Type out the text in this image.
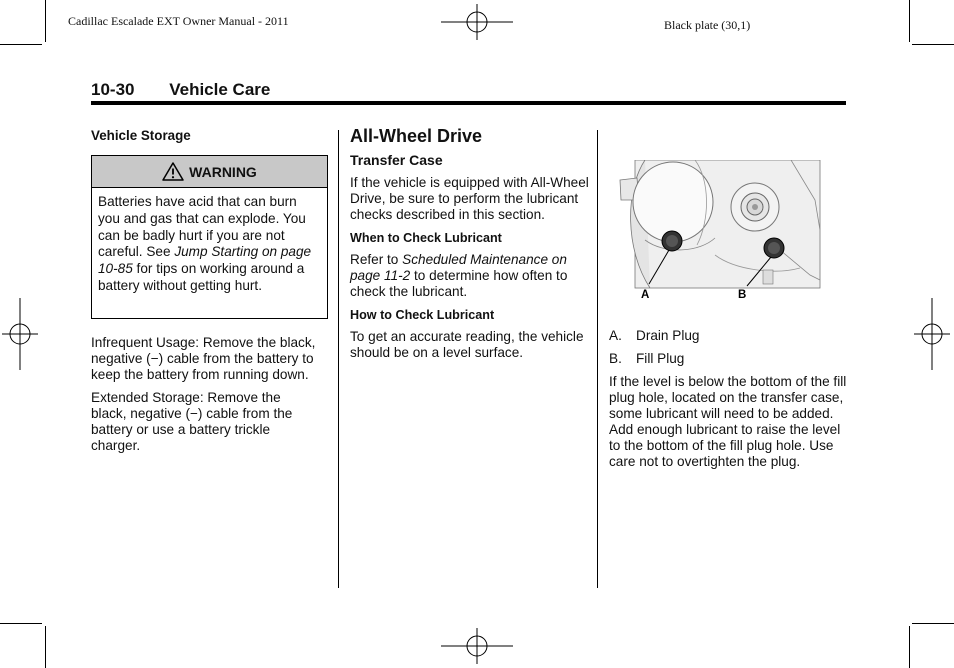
Cadillac Escalade EXT Owner Manual - 2011	Black plate (30,1)
10-30 Vehicle Care
Vehicle Storage
WARNING
Batteries have acid that can burn you and gas that can explode. You can be badly hurt if you are not careful. See Jump Starting on page 10-85 for tips on working around a battery without getting hurt.

Infrequent Usage: Remove the black, negative (−) cable from the battery to keep the battery from running down.

Extended Storage: Remove the black, negative (−) cable from the battery or use a battery trickle charger.

All-Wheel Drive
Transfer Case

If the vehicle is equipped with All-Wheel Drive, be sure to perform the lubricant checks described in this section.

When to Check Lubricant

Refer to Scheduled Maintenance on page 11-2 to determine how often to check the lubricant.

How to Check Lubricant

To get an accurate reading, the vehicle should be on a level surface.

A	B

A. Drain Plug

B. Fill Plug

If the level is below the bottom of the fill plug hole, located on the transfer case, some lubricant will need to be added. Add enough lubricant to raise the level to the bottom of the fill plug hole. Use care not to overtighten the plug.
